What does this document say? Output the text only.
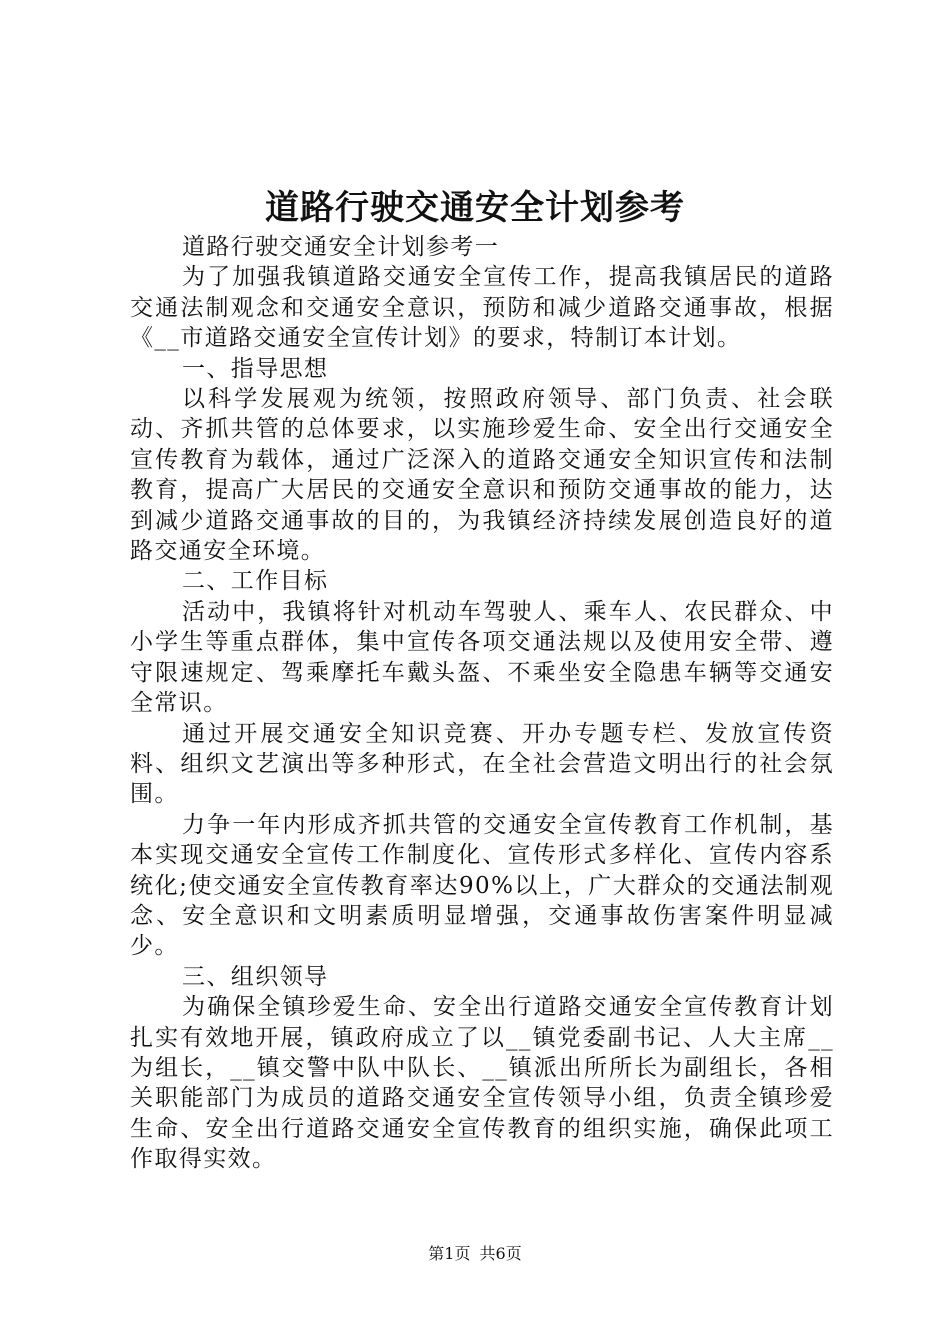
道路行驶交通安全计划参考

道路行驶交通安全计划参考一

为了加强我镇道路交通安全宣传工作，提高我镇居民的道路交通法制观念和交通安全意识，预防和减少道路交通事故，根据《__市道路交通安全宣传计划》的要求，特制订本计划。

一、指导思想

以科学发展观为统领，按照政府领导、部门负责、社会联动、齐抓共管的总体要求，以实施珍爱生命、安全出行交通安全宣传教育为载体，通过广泛深入的道路交通安全知识宣传和法制教育，提高广大居民的交通安全意识和预防交通事故的能力，达到减少道路交通事故的目的，为我镇经济持续发展创造良好的道路交通安全环境。

二、工作目标

活动中，我镇将针对机动车驾驶人、乘车人、农民群众、中小学生等重点群体，集中宣传各项交通法规以及使用安全带、遵守限速规定、驾乘摩托车戴头盔、不乘坐安全隐患车辆等交通安全常识。

通过开展交通安全知识竞赛、开办专题专栏、发放宣传资料、组织文艺演出等多种形式，在全社会营造文明出行的社会氛围。

力争一年内形成齐抓共管的交通安全宣传教育工作机制，基本实现交通安全宣传工作制度化、宣传形式多样化、宣传内容系统化;使交通安全宣传教育率达90%以上，广大群众的交通法制观念、安全意识和文明素质明显增强，交通事故伤害案件明显减少。

三、组织领导

为确保全镇珍爱生命、安全出行道路交通安全宣传教育计划扎实有效地开展，镇政府成立了以__镇党委副书记、人大主席__为组长，__镇交警中队中队长、__镇派出所所长为副组长，各相关职能部门为成员的道路交通安全宣传领导小组，负责全镇珍爱生命、安全出行道路交通安全宣传教育的组织实施，确保此项工作取得实效。

第1页 共6页
